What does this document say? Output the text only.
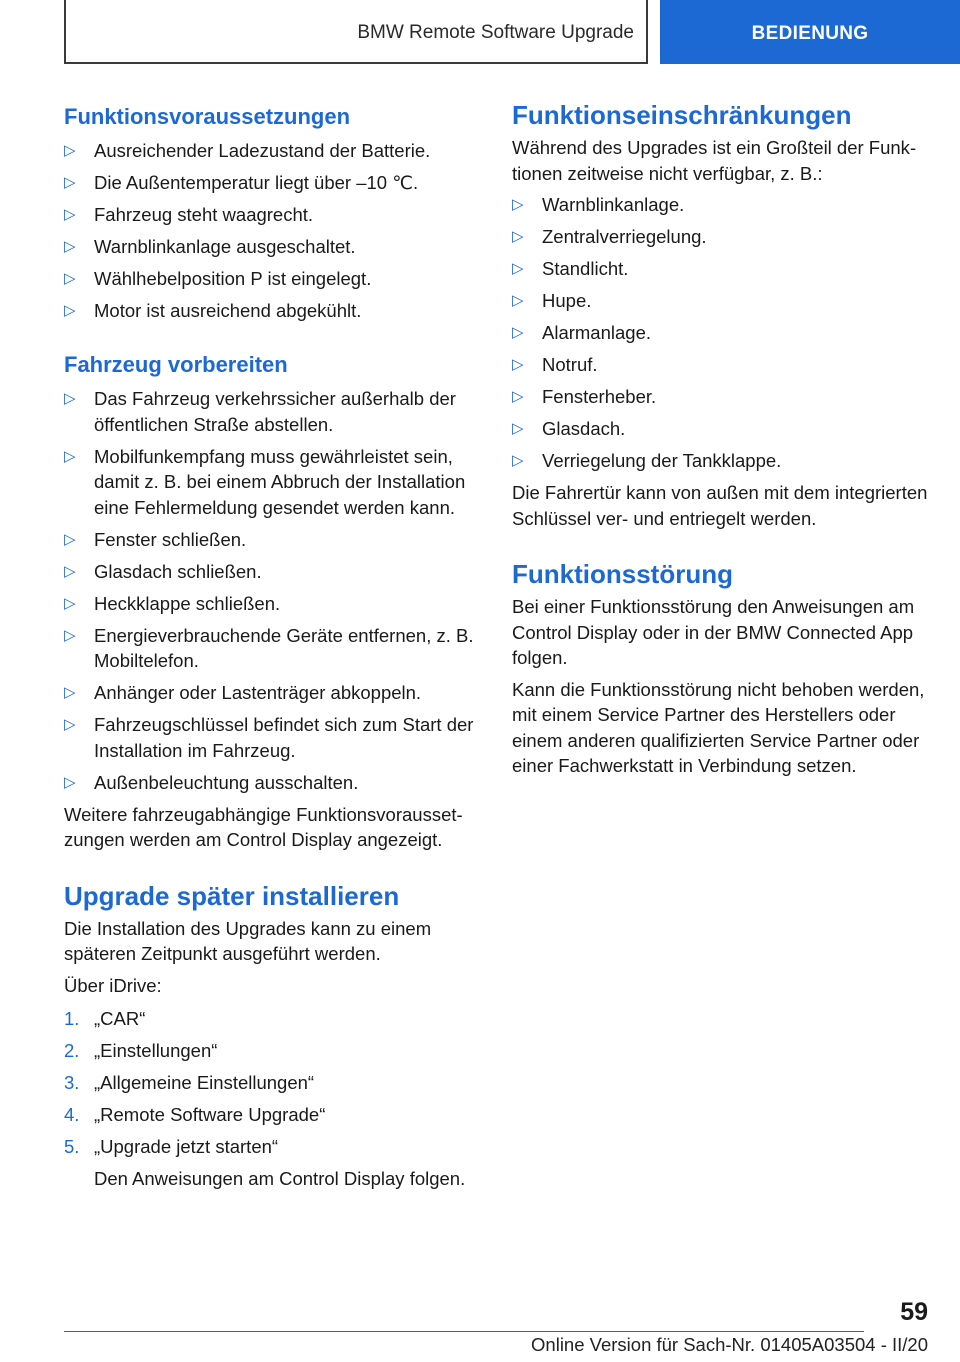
BMW Remote Software Upgrade	BEDIENUNG
Funktionsvoraussetzungen
▷ Ausreichender Ladezustand der Batterie.
▷ Die Außentemperatur liegt über –10 ℃.
▷ Fahrzeug steht waagrecht.
▷ Warnblinkanlage ausgeschaltet.
▷ Wählhebelposition P ist eingelegt.
▷ Motor ist ausreichend abgekühlt.
Fahrzeug vorbereiten
▷ Das Fahrzeug verkehrssicher außerhalb der öffentlichen Straße abstellen.
▷ Mobilfunkempfang muss gewährleistet sein, damit z. B. bei einem Abbruch der Installation eine Fehlermeldung gesendet werden kann.
▷ Fenster schließen.
▷ Glasdach schließen.
▷ Heckklappe schließen.
▷ Energieverbrauchende Geräte entfernen, z. B. Mobiltelefon.
▷ Anhänger oder Lastenträger abkoppeln.
▷ Fahrzeugschlüssel befindet sich zum Start der Installation im Fahrzeug.
▷ Außenbeleuchtung ausschalten.

Weitere fahrzeugabhängige Funktionsvoraussetzungen werden am Control Display angezeigt.

Upgrade später installieren

Die Installation des Upgrades kann zu einem späteren Zeitpunkt ausgeführt werden.

Über iDrive:

1. „CAR“
2. „Einstellungen“
3. „Allgemeine Einstellungen“
4. „Remote Software Upgrade“
5. „Upgrade jetzt starten“
Den Anweisungen am Control Display folgen.
Funktionseinschränkungen

Während des Upgrades ist ein Großteil der Funktionen zeitweise nicht verfügbar, z. B.:

▷ Warnblinkanlage.
▷ Zentralverriegelung.
▷ Standlicht.
▷ Hupe.
▷ Alarmanlage.
▷ Notruf.
▷ Fensterheber.
▷ Glasdach.
▷ Verriegelung der Tankklappe.

Die Fahrertür kann von außen mit dem integrierten Schlüssel ver- und entriegelt werden.

Funktionsstörung

Bei einer Funktionsstörung den Anweisungen am Control Display oder in der BMW Connected App folgen.

Kann die Funktionsstörung nicht behoben werden, mit einem Service Partner des Herstellers oder einem anderen qualifizierten Service Partner oder einer Fachwerkstatt in Verbindung setzen.

59
Online Version für Sach-Nr. 01405A03504 - II/20
